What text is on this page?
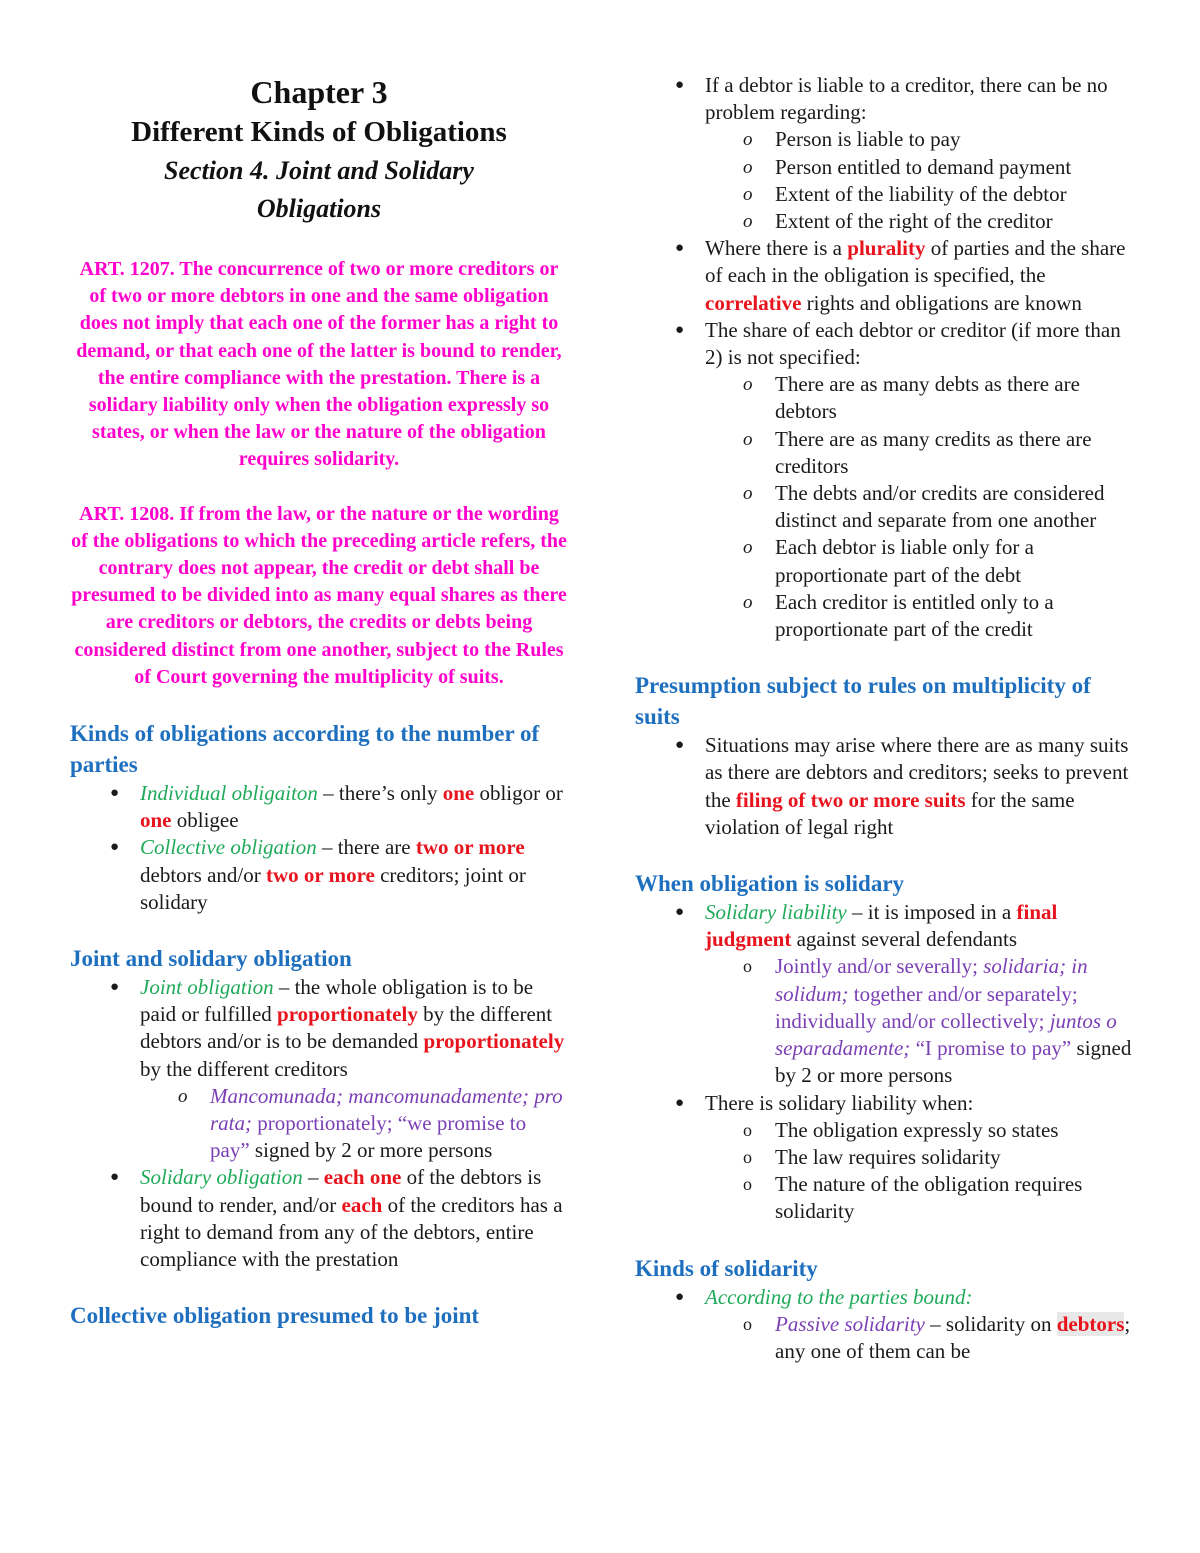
Chapter 3
Different Kinds of Obligations
Section 4. Joint and Solidary
Obligations

ART. 1207. The concurrence of two or more creditors or of two or more debtors in one and the same obligation does not imply that each one of the former has a right to demand, or that each one of the latter is bound to render, the entire compliance with the prestation. There is a solidary liability only when the obligation expressly so states, or when the law or the nature of the obligation requires solidarity.

ART. 1208. If from the law, or the nature or the wording of the obligations to which the preceding article refers, the contrary does not appear, the credit or debt shall be presumed to be divided into as many equal shares as there are creditors or debtors, the credits or debts being considered distinct from one another, subject to the Rules of Court governing the multiplicity of suits.

Kinds of obligations according to the number of parties
● Individual obligaiton – there’s only one obligor or one obligee
● Collective obligation – there are two or more debtors and/or two or more creditors; joint or solidary
Joint and solidary obligation
● Joint obligation – the whole obligation is to be paid or fulfilled proportionately by the different debtors and/or is to be demanded proportionately by the different creditors
o Mancomunada; mancomunadamente; pro rata; proportionately; “we promise to pay” signed by 2 or more persons
● Solidary obligation – each one of the debtors is bound to render, and/or each of the creditors has a right to demand from any of the debtors, entire compliance with the prestation
Collective obligation presumed to be joint
● If a debtor is liable to a creditor, there can be no problem regarding:
o Person is liable to pay
o Person entitled to demand payment
o Extent of the liability of the debtor
o Extent of the right of the creditor
● Where there is a plurality of parties and the share of each in the obligation is specified, the correlative rights and obligations are known
● The share of each debtor or creditor (if more than 2) is not specified:
o There are as many debts as there are debtors
o There are as many credits as there are creditors
o The debts and/or credits are considered distinct and separate from one another
o Each debtor is liable only for a proportionate part of the debt
o Each creditor is entitled only to a proportionate part of the credit
Presumption subject to rules on multiplicity of suits
● Situations may arise where there are as many suits as there are debtors and creditors; seeks to prevent the filing of two or more suits for the same violation of legal right
When obligation is solidary
● Solidary liability – it is imposed in a final judgment against several defendants
o Jointly and/or severally; solidaria; in solidum; together and/or separately; individually and/or collectively; juntos o separadamente; “I promise to pay” signed by 2 or more persons
● There is solidary liability when:
o The obligation expressly so states
o The law requires solidarity
o The nature of the obligation requires solidarity
Kinds of solidarity
● According to the parties bound:
o Passive solidarity – solidarity on debtors; any one of them can be
